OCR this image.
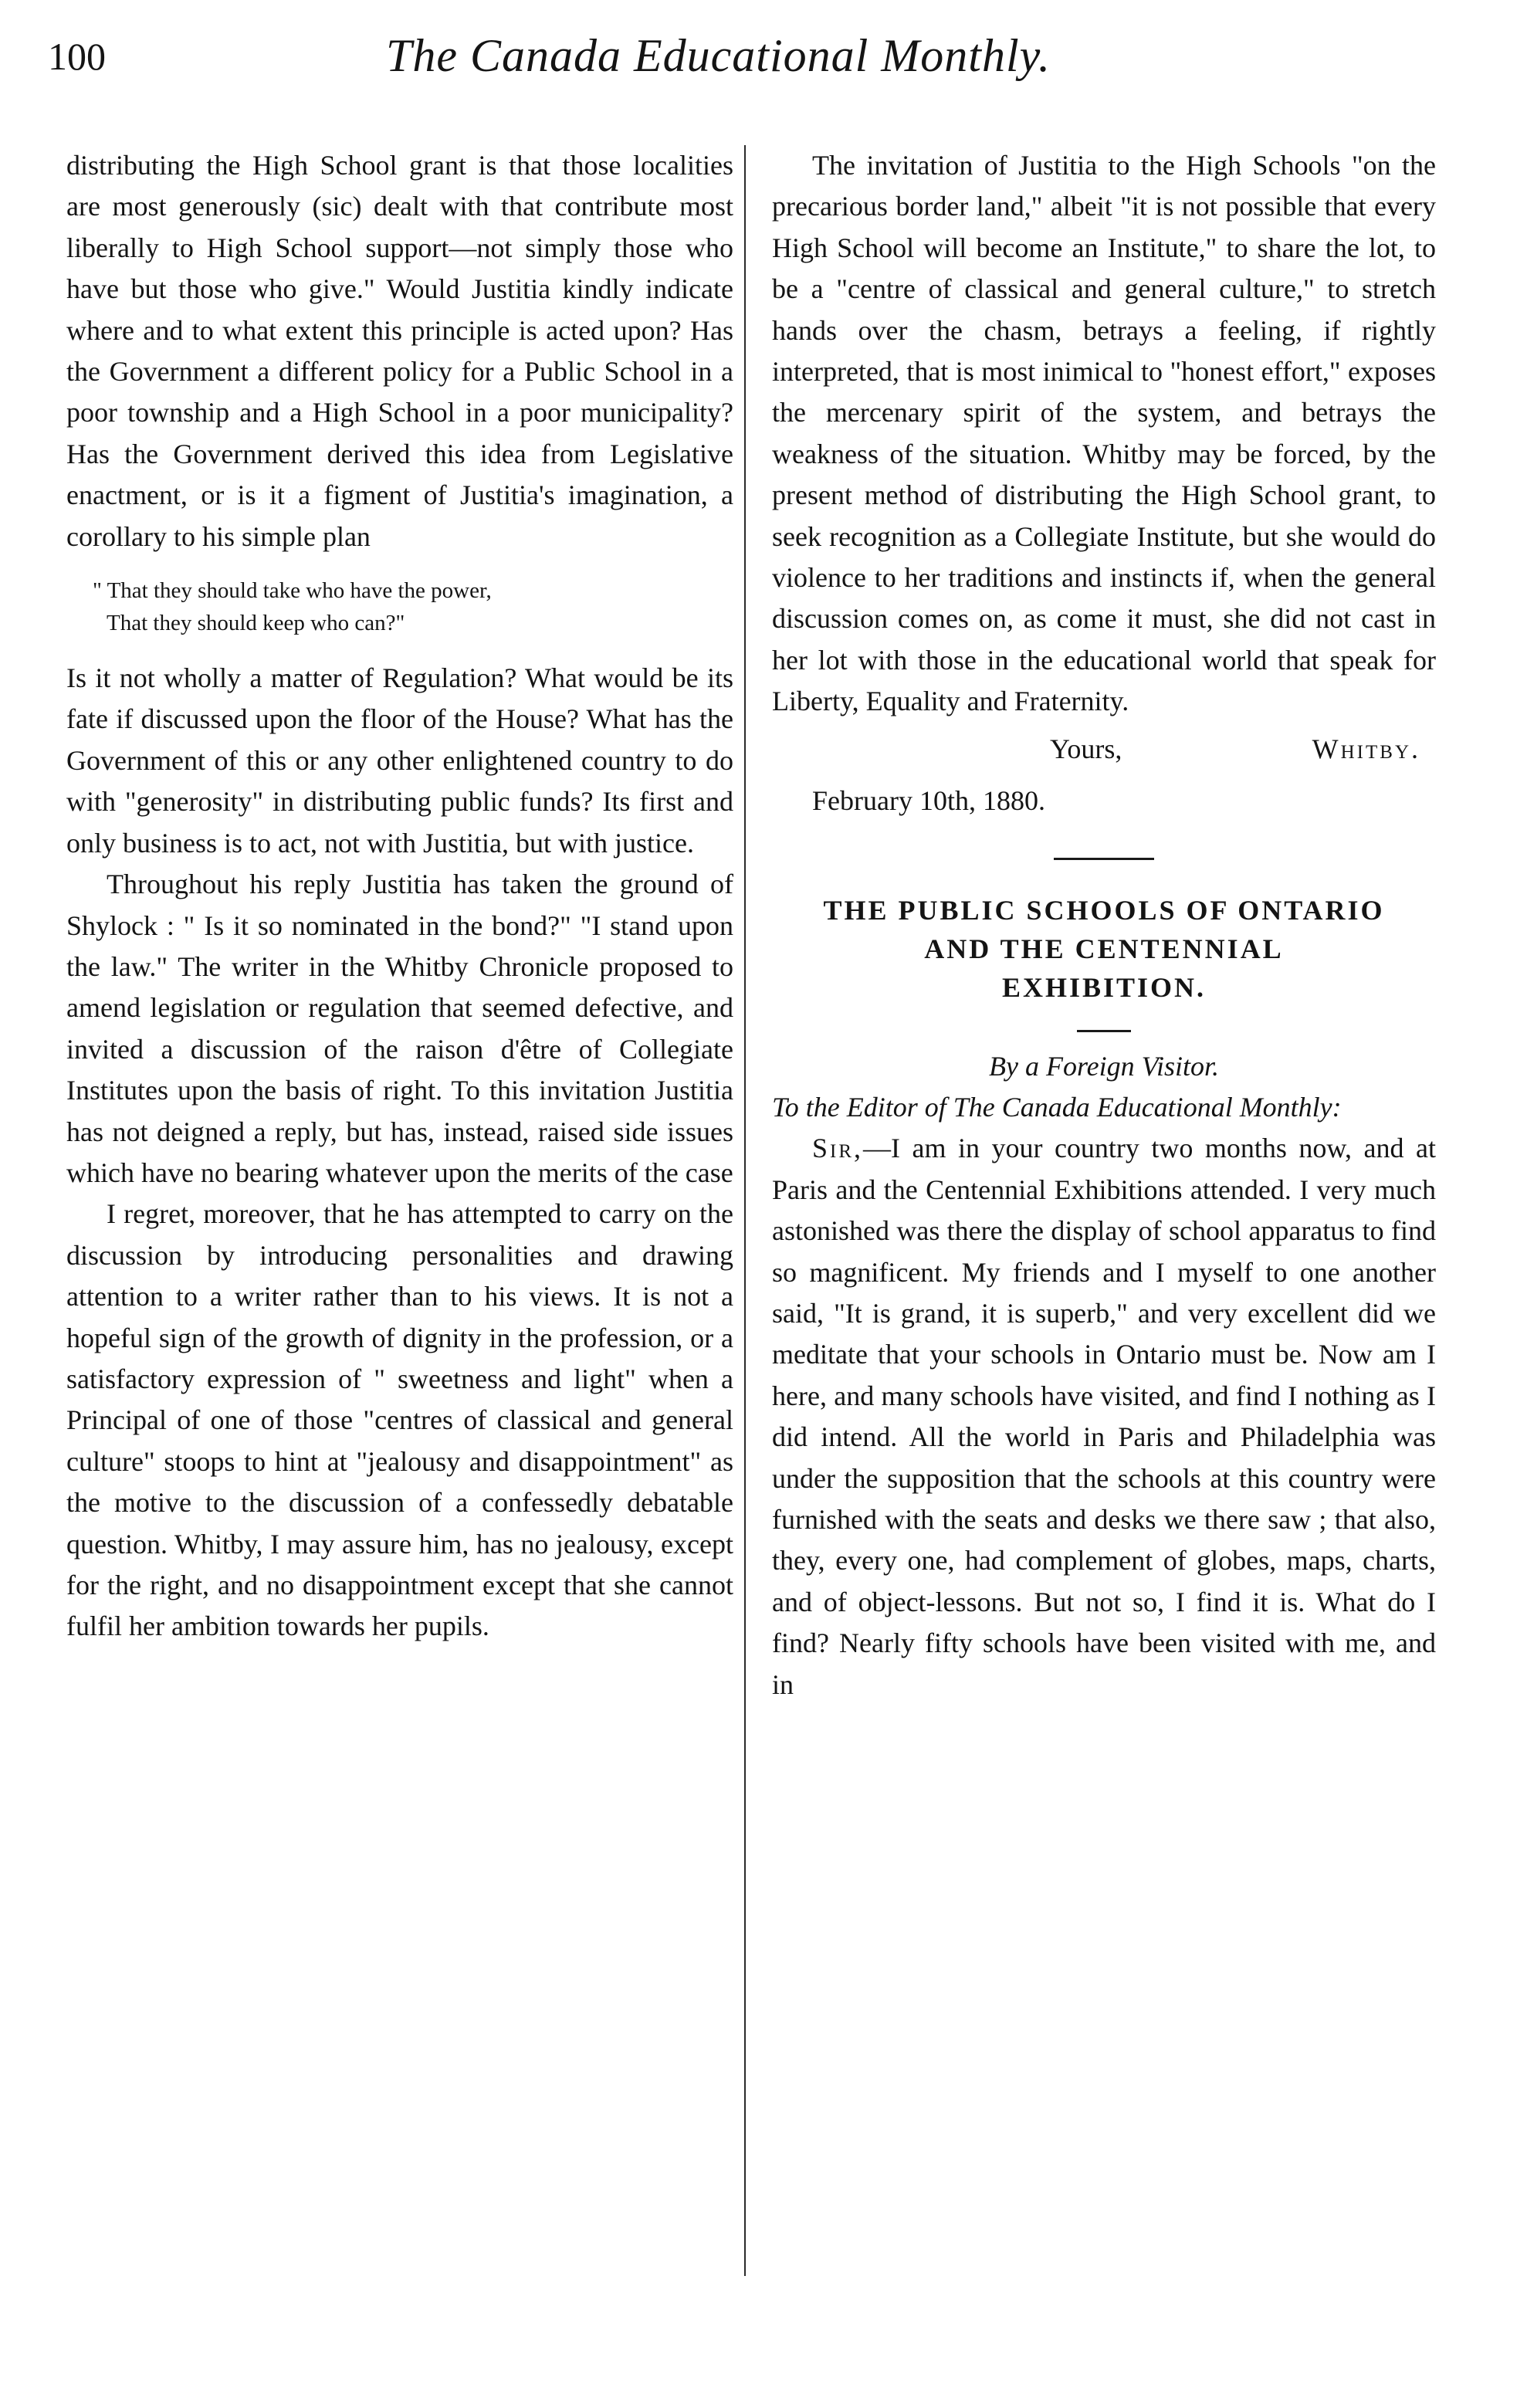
100	The Canada Educational Monthly.

distributing the High School grant is that those localities are most generously (sic) dealt with that contribute most liberally to High School support—not simply those who have but those who give." Would Justitia kindly indicate where and to what extent this principle is acted upon? Has the Government a different policy for a Public School in a poor township and a High School in a poor municipality? Has the Government derived this idea from Legislative enactment, or is it a figment of Justitia's imagination, a corollary to his simple plan

" That they should take who have the power,
That they should keep who can?"

Is it not wholly a matter of Regulation? What would be its fate if discussed upon the floor of the House? What has the Government of this or any other enlightened country to do with "generosity" in distributing public funds? Its first and only business is to act, not with Justitia, but with justice.

Throughout his reply Justitia has taken the ground of Shylock : " Is it so nominated in the bond?" "I stand upon the law." The writer in the Whitby Chronicle proposed to amend legislation or regulation that seemed defective, and invited a discussion of the raison d'être of Collegiate Institutes upon the basis of right. To this invitation Justitia has not deigned a reply, but has, instead, raised side issues which have no bearing whatever upon the merits of the case

I regret, moreover, that he has attempted to carry on the discussion by introducing personalities and drawing attention to a writer rather than to his views. It is not a hopeful sign of the growth of dignity in the profession, or a satisfactory expression of " sweetness and light" when a Principal of one of those "centres of classical and general culture" stoops to hint at "jealousy and disappointment" as the motive to the discussion of a confessedly debatable question. Whitby, I may assure him, has no jealousy, except for the right, and no disappointment except that she cannot fulfil her ambition towards her pupils.

The invitation of Justitia to the High Schools "on the precarious border land," albeit "it is not possible that every High School will become an Institute," to share the lot, to be a "centre of classical and general culture," to stretch hands over the chasm, betrays a feeling, if rightly interpreted, that is most inimical to "honest effort," exposes the mercenary spirit of the system, and betrays the weakness of the situation. Whitby may be forced, by the present method of distributing the High School grant, to seek recognition as a Collegiate Institute, but she would do violence to her traditions and instincts if, when the general discussion comes on, as come it must, she did not cast in her lot with those in the educational world that speak for Liberty, Equality and Fraternity.

Yours,	Whitby.
February 10th, 1880.
THE PUBLIC SCHOOLS OF ONTARIO
AND THE CENTENNIAL
EXHIBITION.

By a Foreign Visitor.

To the Editor of The Canada Educational Monthly:

Sir,—I am in your country two months now, and at Paris and the Centennial Exhibitions attended. I very much astonished was there the display of school apparatus to find so magnificent. My friends and I myself to one another said, "It is grand, it is superb," and very excellent did we meditate that your schools in Ontario must be. Now am I here, and many schools have visited, and find I nothing as I did intend. All the world in Paris and Philadelphia was under the supposition that the schools at this country were furnished with the seats and desks we there saw ; that also, they, every one, had complement of globes, maps, charts, and of object-lessons. But not so, I find it is. What do I find? Nearly fifty schools have been visited with me, and in
